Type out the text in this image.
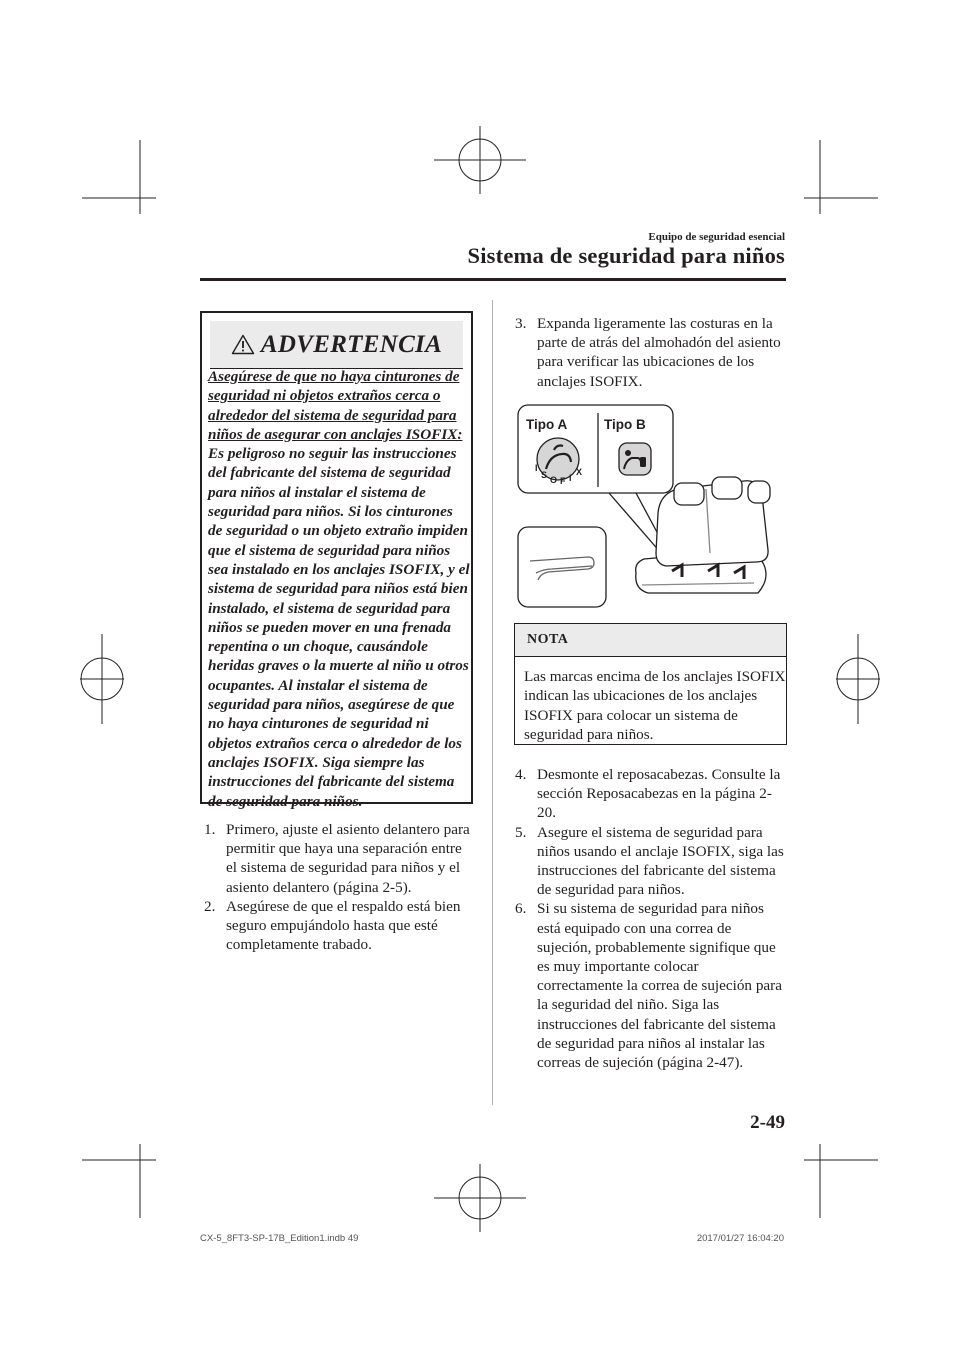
Equipo de seguridad esencial
Sistema de seguridad para niños
ADVERTENCIA
Asegúrese de que no haya cinturones de seguridad ni objetos extraños cerca o alrededor del sistema de seguridad para niños de asegurar con anclajes ISOFIX:
Es peligroso no seguir las instrucciones del fabricante del sistema de seguridad para niños al instalar el sistema de seguridad para niños. Si los cinturones de seguridad o un objeto extraño impiden que el sistema de seguridad para niños sea instalado en los anclajes ISOFIX, y el sistema de seguridad para niños está bien instalado, el sistema de seguridad para niños se pueden mover en una frenada repentina o un choque, causándole heridas graves o la muerte al niño u otros ocupantes. Al instalar el sistema de seguridad para niños, asegúrese de que no haya cinturones de seguridad ni objetos extraños cerca o alrededor de los anclajes ISOFIX. Siga siempre las instrucciones del fabricante del sistema de seguridad para niños.
1. Primero, ajuste el asiento delantero para permitir que haya una separación entre el sistema de seguridad para niños y el asiento delantero (página 2-5).
2. Asegúrese de que el respaldo está bien seguro empujándolo hasta que esté completamente trabado.
3. Expanda ligeramente las costuras en la parte de atrás del almohadón del asiento para verificar las ubicaciones de los anclajes ISOFIX.
Tipo A	Tipo B
I
S O F I
X
NOTA
Las marcas encima de los anclajes ISOFIX indican las ubicaciones de los anclajes ISOFIX para colocar un sistema de seguridad para niños.
4. Desmonte el reposacabezas. Consulte la sección Reposacabezas en la página 2-20.
5. Asegure el sistema de seguridad para niños usando el anclaje ISOFIX, siga las instrucciones del fabricante del sistema de seguridad para niños.
6. Si su sistema de seguridad para niños está equipado con una correa de sujeción, probablemente signifique que es muy importante colocar correctamente la correa de sujeción para la seguridad del niño. Siga las instrucciones del fabricante del sistema de seguridad para niños al instalar las correas de sujeción (página 2-47).
2-49
CX-5_8FT3-SP-17B_Edition1.indb 49	2017/01/27 16:04:20
